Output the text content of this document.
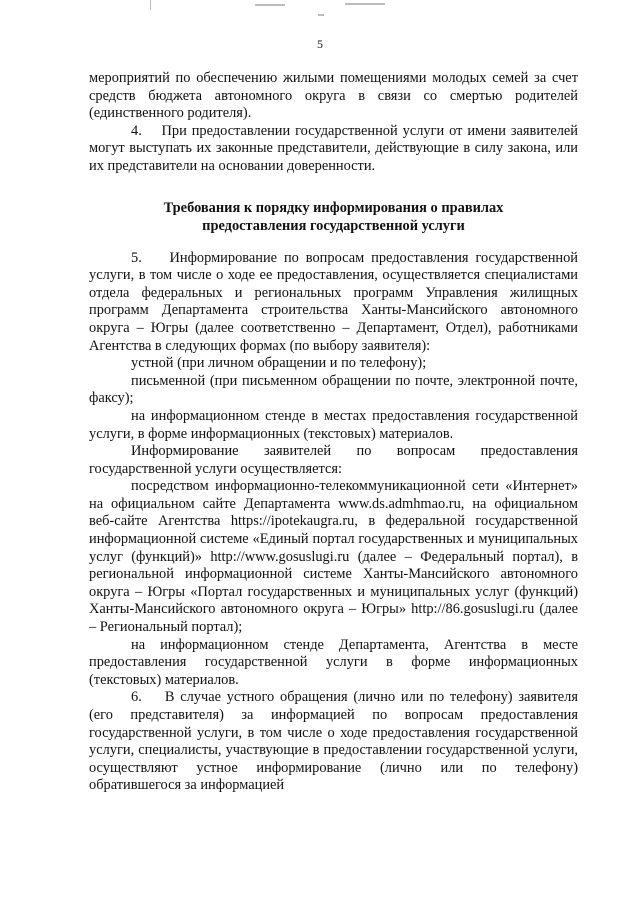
5

мероприятий по обеспечению жилыми помещениями молодых семей за счет средств бюджета автономного округа в связи со смертью родителей (единственного родителя).

4.    При предоставлении государственной услуги от имени заявителей могут выступать их законные представители, действующие в силу закона, или их представители на основании доверенности.

Требования к порядку информирования о правилах
предоставления государственной услуги

5.    Информирование по вопросам предоставления государственной услуги, в том числе о ходе ее предоставления, осуществляется специалистами отдела федеральных и региональных программ Управления жилищных программ Департамента строительства Ханты-Мансийского автономного округа – Югры (далее соответственно – Департамент, Отдел), работниками Агентства в следующих формах (по выбору заявителя):

устной (при личном обращении и по телефону);

письменной (при письменном обращении по почте, электронной почте, факсу);

на информационном стенде в местах предоставления государственной услуги, в форме информационных (текстовых) материалов.

Информирование заявителей по вопросам предоставления государственной услуги осуществляется:

посредством информационно-телекоммуникационной сети «Интернет» на официальном сайте Департамента www.ds.admhmao.ru, на официальном веб-сайте Агентства https://ipotekaugra.ru, в федеральной государственной информационной системе «Единый портал государственных и муниципальных услуг (функций)» http://www.gosuslugi.ru (далее – Федеральный портал), в региональной информационной системе Ханты-Мансийского автономного округа – Югры «Портал государственных и муниципальных услуг (функций) Ханты-Мансийского автономного округа – Югры» http://86.gosuslugi.ru (далее – Региональный портал);

на информационном стенде Департамента, Агентства в месте предоставления государственной услуги в форме информационных (текстовых) материалов.

6.    В случае устного обращения (лично или по телефону) заявителя (его представителя) за информацией по вопросам предоставления государственной услуги, в том числе о ходе предоставления государственной услуги, специалисты, участвующие в предоставлении государственной услуги, осуществляют устное информирование (лично или по телефону) обратившегося за информацией
